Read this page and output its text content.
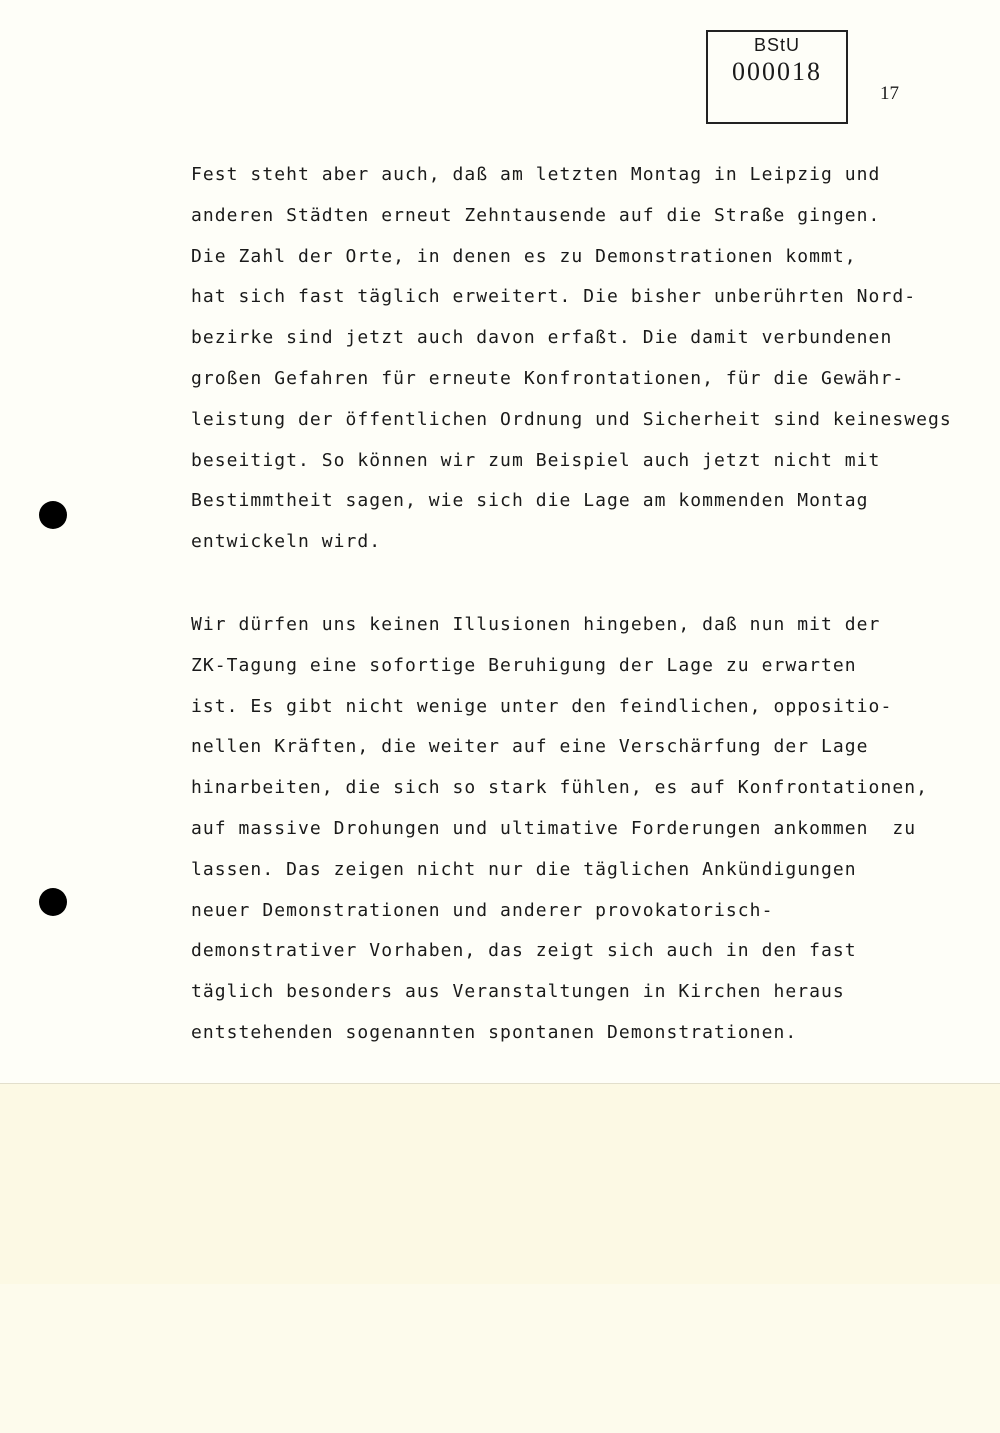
BStU
000018
17
Fest steht aber auch, daß am letzten Montag in Leipzig und
anderen Städten erneut Zehntausende auf die Straße gingen.
Die Zahl der Orte, in denen es zu Demonstrationen kommt,
hat sich fast täglich erweitert. Die bisher unberührten Nord-
bezirke sind jetzt auch davon erfaßt. Die damit verbundenen
großen Gefahren für erneute Konfrontationen, für die Gewähr-
leistung der öffentlichen Ordnung und Sicherheit sind keineswegs
beseitigt. So können wir zum Beispiel auch jetzt nicht mit
Bestimmtheit sagen, wie sich die Lage am kommenden Montag
entwickeln wird.
Wir dürfen uns keinen Illusionen hingeben, daß nun mit der
ZK-Tagung eine sofortige Beruhigung der Lage zu erwarten
ist. Es gibt nicht wenige unter den feindlichen, oppositio-
nellen Kräften, die weiter auf eine Verschärfung der Lage
hinarbeiten, die sich so stark fühlen, es auf Konfrontationen,
auf massive Drohungen und ultimative Forderungen ankommen  zu
lassen. Das zeigen nicht nur die täglichen Ankündigungen
neuer Demonstrationen und anderer provokatorisch-
demonstrativer Vorhaben, das zeigt sich auch in den fast
täglich besonders aus Veranstaltungen in Kirchen heraus
entstehenden sogenannten spontanen Demonstrationen.
